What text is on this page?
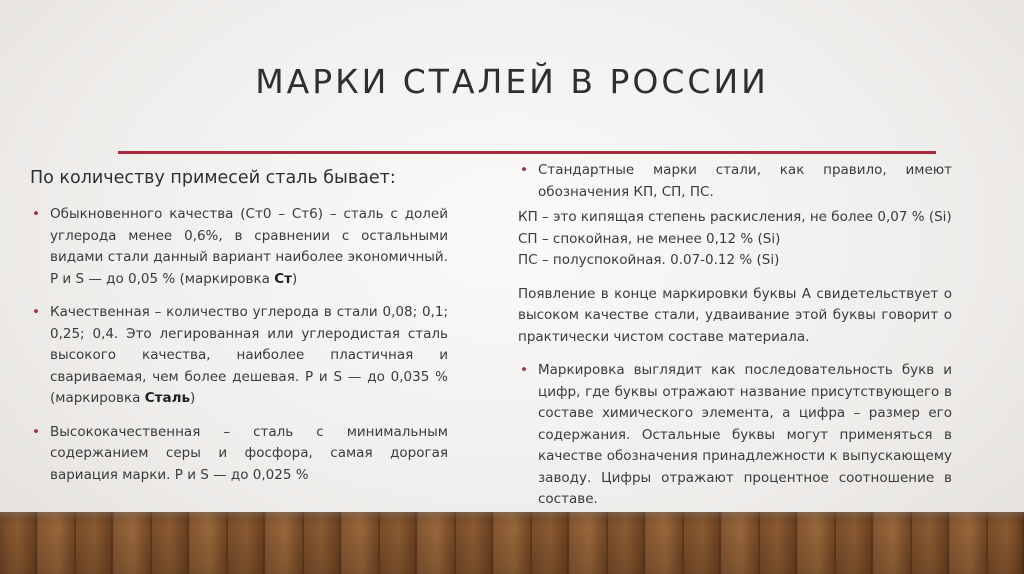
МАРКИ СТАЛЕЙ В РОССИИ
По количеству примесей сталь бывает:
• Обыкновенного качества (Ст0 – Ст6) – сталь с долей углерода менее 0,6%, в сравнении с остальными видами стали данный вариант наиболее экономичный. Р и S — до 0,05 % (маркировка Ст)
• Качественная – количество углерода в стали 0,08; 0,1; 0,25; 0,4. Это легированная или углеродистая сталь высокого качества, наиболее пластичная и свариваемая, чем более дешевая. Р и S — до 0,035 % (маркировка Сталь)
• Высококачественная – сталь с минимальным содержанием серы и фосфора, самая дорогая вариация марки. Р и S — до 0,025 %
• Стандартные марки стали, как правило, имеют обозначения КП, СП, ПС.
КП – это кипящая степень раскисления, не более 0,07 % (Si)
СП – спокойная, не менее 0,12 % (Si)
ПС – полуспокойная. 0.07-0.12 % (Si)
Появление в конце маркировки буквы А свидетельствует о высоком качестве стали, удваивание этой буквы говорит о практически чистом составе материала.
• Маркировка выглядит как последовательность букв и цифр, где буквы отражают название присутствующего в составе химического элемента, а цифра – размер его содержания. Остальные буквы могут применяться в качестве обозначения принадлежности к выпускающему заводу. Цифры отражают процентное соотношение в составе.
